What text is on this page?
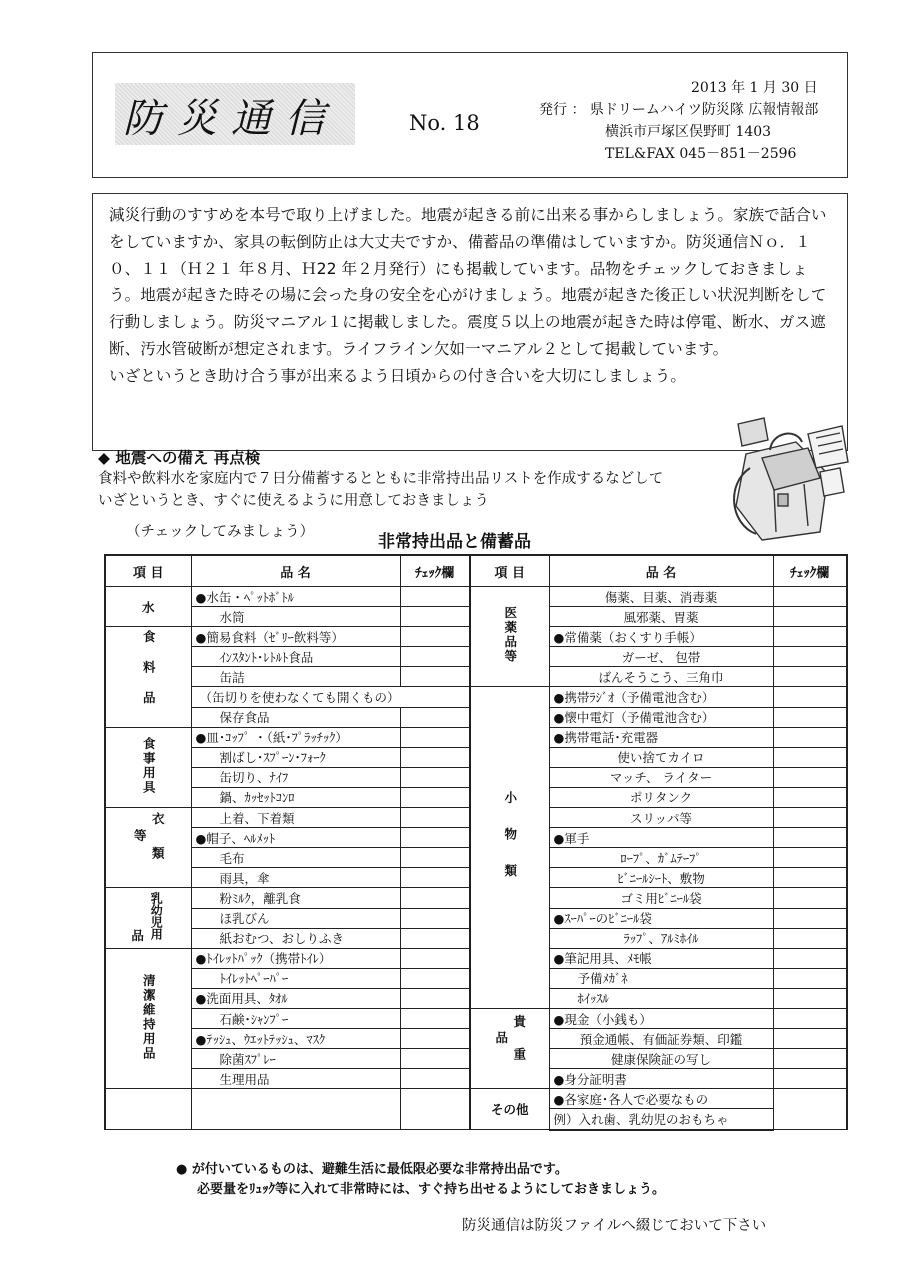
防災通信	No. 18
2013 年 1 月 30 日
発行 ： 県ドリームハイツ防災隊 広報情報部
横浜市戸塚区俣野町 1403
TEL&FAX 045－851－2596

減災行動のすすめを本号で取り上げました。地震が起きる前に出来る事からしましょう。家族で話合いをしていますか、家具の転倒防止は大丈夫ですか、備蓄品の準備はしていますか。防災通信Ｎｏ．１０、１１（Ｈ２１ 年８月、Ｈ22 年２月発行）にも掲載しています。品物をチェックしておきましょう。地震が起きた時その場に会った身の安全を心がけましょう。地震が起きた後正しい状況判断をして行動しましょう。防災マニアル１に掲載しました。震度５以上の地震が起きた時は停電、断水、ガス遮断、汚水管破断が想定されます。ライフライン欠如一マニアル２として掲載しています。

いざというとき助け合う事が出来るよう日頃からの付き合いを大切にしましょう。

◆ 地震への備え 再点検
食料や飲料水を家庭内で７日分備蓄するとともに非常持出品リストを作成するなどして
いざというとき、すぐに使えるように用意しておきましょう
（チェックしてみましょう）	非常持出品と備蓄品
項 目	品 名	ﾁｪｯｸ欄	項 目	品 名	ﾁｪｯｸ欄
水	●水缶・ﾍﾟｯﾄﾎﾞﾄﾙ		医薬品等	傷薬、目薬、消毒薬	
	水筒			風邪薬、胃薬	
食料品	●簡易食料（ｾﾞﾘｰ飲料等）			●常備薬（おくすり手帳）	
	ｲﾝｽﾀﾝﾄ･ﾚﾄﾙﾄ食品			ガーゼ、 包帯	
	缶詰			ばんそうこう、三角巾	
	（缶切りを使わなくても開くもの）		小物類	●携帯ﾗｼﾞｵ（予備電池含む）	
	保存食品			●懐中電灯（予備電池含む）	
食事用具	●皿･ｺｯﾌﾟ ・（紙･ﾌﾟﾗｯﾁｯｸ）			●携帯電話･充電器	
	割ばし･ｽﾌﾟｰﾝ･ﾌｫｰｸ			使い捨てカイロ	
	缶切り、ﾅｲﾌ			マッチ、 ライター	
	鍋、ｶｯｾｯﾄｺﾝﾛ			ポリタンク	
衣類等	上着、下着類			スリッパ等	
	●帽子、ﾍﾙﾒｯﾄ			●軍手	
	毛布			ﾛｰﾌﾟ、ｶﾞﾑﾃｰﾌﾟ	
	雨具，傘			ﾋﾞﾆｰﾙｼｰﾄ、敷物	
品 乳幼児用	粉ﾐﾙｸ，離乳食			ゴミ用ﾋﾞﾆｰﾙ袋	
	ほ乳びん			●ｽｰﾊﾟｰのﾋﾞﾆｰﾙ袋	
	紙おむつ、おしりふき			ﾗｯﾌﾟ、ｱﾙﾐﾎｲﾙ	
清潔維持用品	●ﾄｲﾚｯﾄﾊﾟｯｸ（携帯ﾄｲﾚ）			●筆記用具、ﾒﾓ帳	
	ﾄｲﾚｯﾄﾍﾟｰﾊﾟｰ			予備ﾒｶﾞﾈ	
	●洗面用具、ﾀｵﾙ			ﾎｲｯｽﾙ	
	石鹸･ｼｬﾝﾌﾟｰ		貴重品	●現金（小銭も）	
	●ﾃｯｼｭ、ｳｴｯﾄﾃｯｼｭ、ﾏｽｸ			預金通帳、有価証券類、印鑑	
	除菌ｽﾌﾟﾚｰ			健康保険証の写し	
	生理用品			●身分証明書	
			その他	●各家庭･各人で必要なもの	
				例）入れ歯、乳幼児のおもちゃ	
● が付いているものは、避難生活に最低限必要な非常持出品です。
必要量をﾘｭｯｸ等に入れて非常時には、すぐ持ち出せるようにしておきましょう。
防災通信は防災ファイルへ綴じておいて下さい
